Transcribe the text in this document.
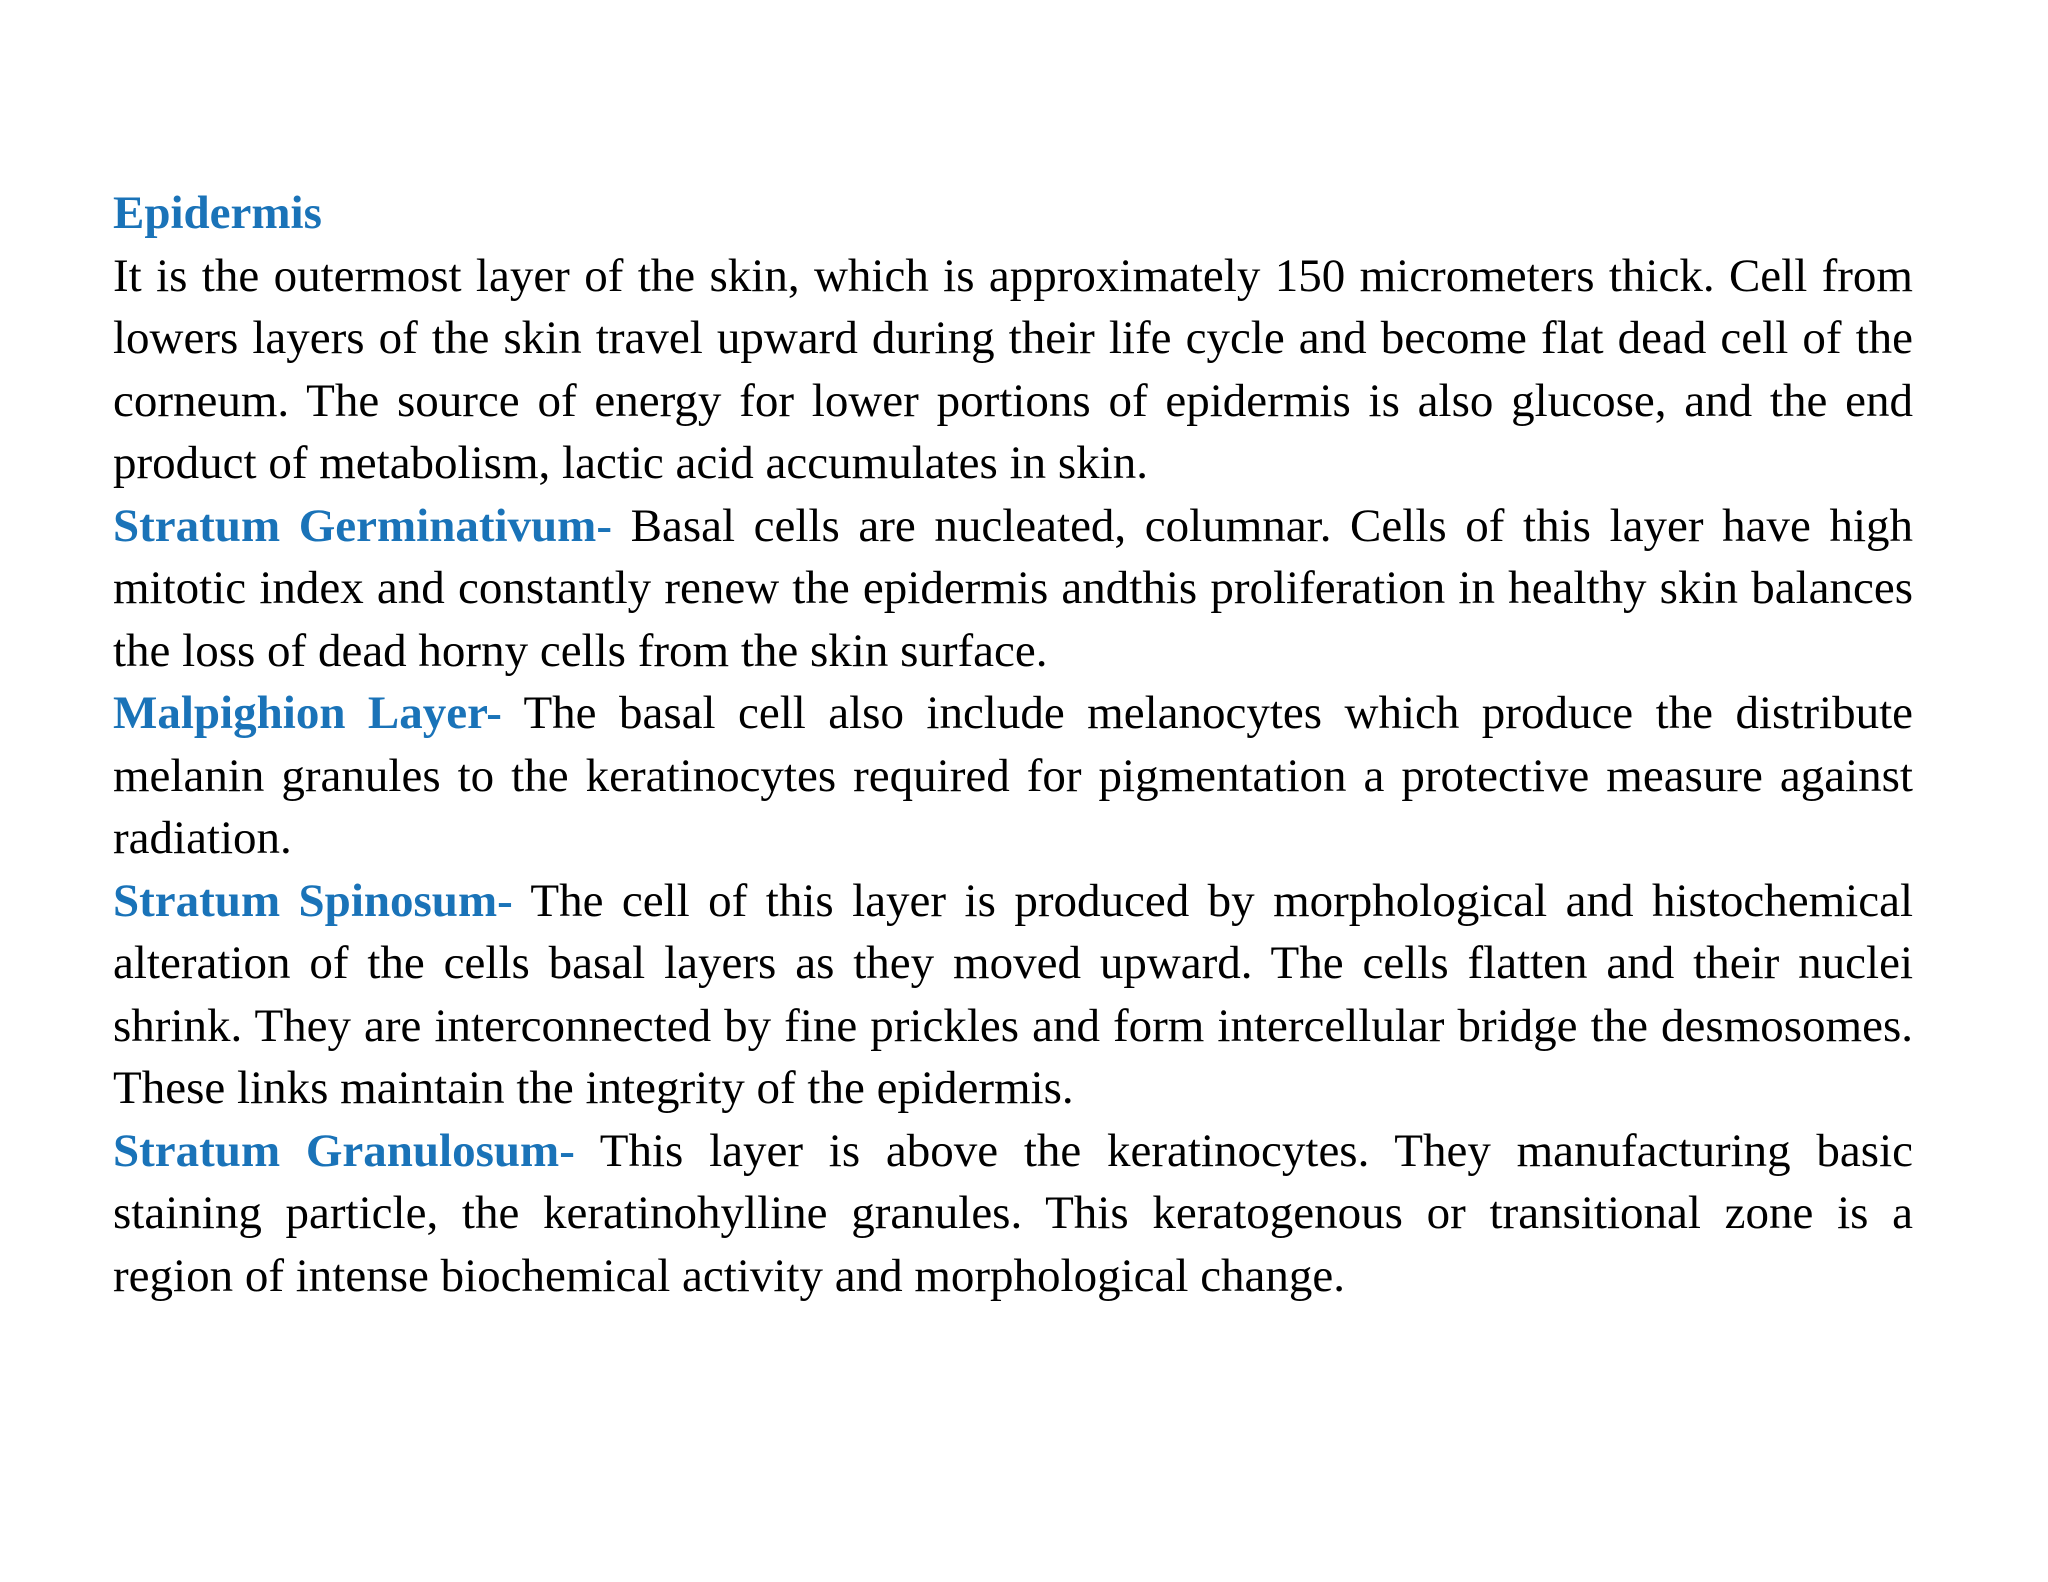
Epidermis

It is the outermost layer of the skin, which is approximately 150 micrometers thick. Cell from lowers layers of the skin travel upward during their life cycle and become flat dead cell of the corneum. The source of energy for lower portions of epidermis is also glucose, and the end product of metabolism, lactic acid accumulates in skin.

Stratum Germinativum- Basal cells are nucleated, columnar. Cells of this layer have high mitotic index and constantly renew the epidermis andthis proliferation in healthy skin balances the loss of dead horny cells from the skin surface.

Malpighion Layer- The basal cell also include melanocytes which produce the distribute melanin granules to the keratinocytes required for pigmentation a protective measure against radiation.

Stratum Spinosum- The cell of this layer is produced by morphological and histochemical alteration of the cells basal layers as they moved upward. The cells flatten and their nuclei shrink. They are interconnected by fine prickles and form intercellular bridge the desmosomes. These links maintain the integrity of the epidermis.

Stratum Granulosum- This layer is above the keratinocytes. They manufacturing basic staining particle, the keratinohylline granules. This keratogenous or transitional zone is a region of intense biochemical activity and morphological change.
